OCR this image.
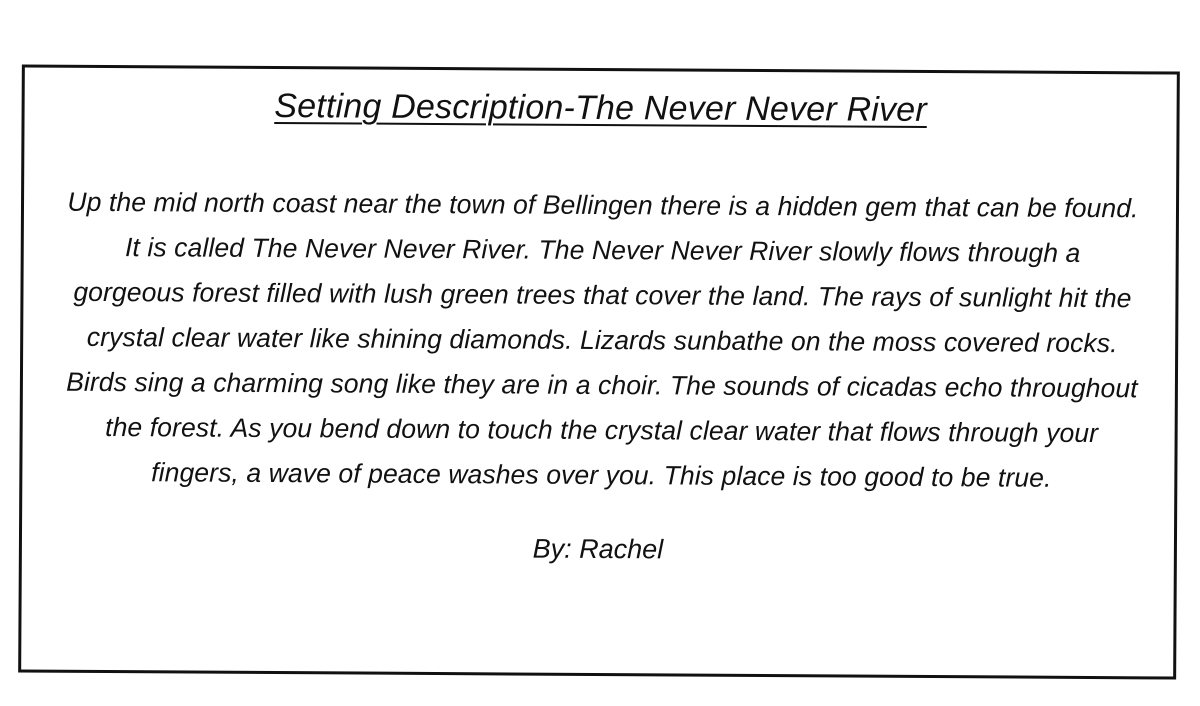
Setting Description-The Never Never River

Up the mid north coast near the town of Bellingen there is a hidden gem that can be found.
It is called The Never Never River. The Never Never River slowly flows through a
gorgeous forest filled with lush green trees that cover the land. The rays of sunlight hit the
crystal clear water like shining diamonds. Lizards sunbathe on the moss covered rocks.
Birds sing a charming song like they are in a choir. The sounds of cicadas echo throughout
the forest. As you bend down to touch the crystal clear water that flows through your
fingers, a wave of peace washes over you. This place is too good to be true.

By: Rachel
